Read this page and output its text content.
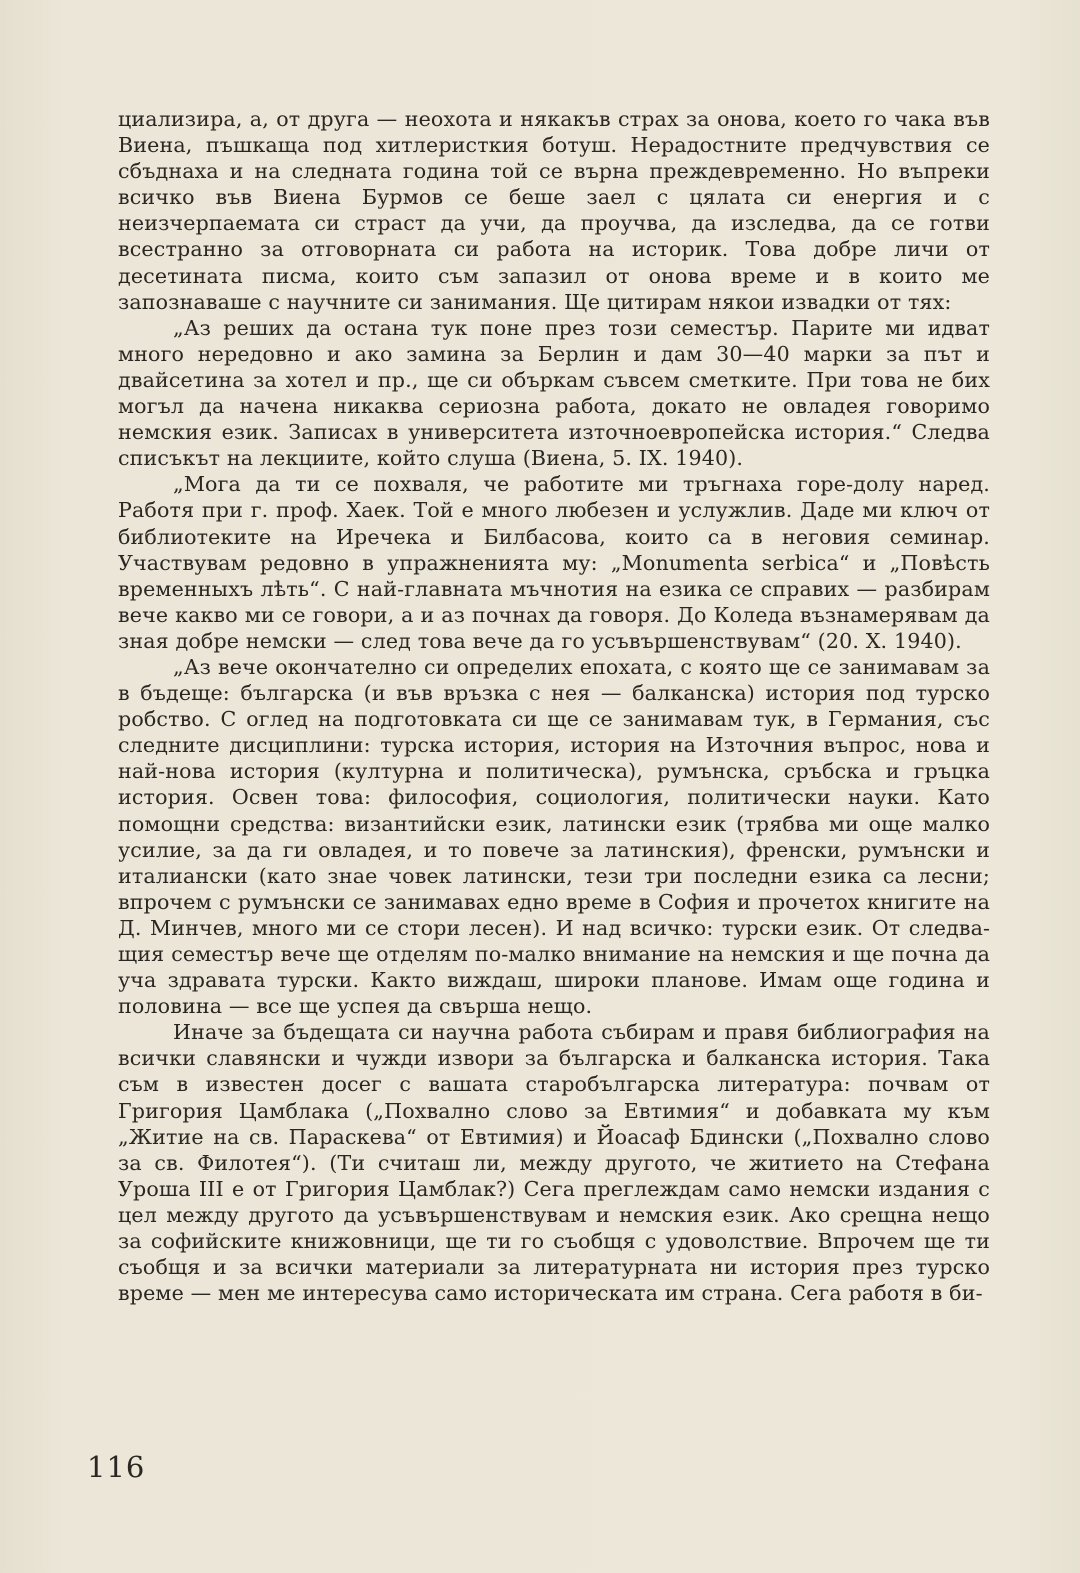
циализира, а, от друга — неохота и някакъв страх за онова, което го чака във Виена, пъшкаща под хитлеристкия ботуш. Нерадостните предчувствия се сбъднаха и на следната година той се върна преждевременно. Но въпреки всичко във Виена Бурмов се беше заел с цялата си енергия и с неизчерпаемата си страст да учи, да проучва, да изследва, да се готви всестранно за отговорната си работа на историк. Това добре личи от десетината писма, които съм запазил от онова време и в които ме запознаваше с научните си занимания. Ще цитирам някои извадки от тях:

„Аз реших да остана тук поне през този семестър. Парите ми идват много нередовно и ако замина за Берлин и дам 30—40 марки за път и двайсетина за хотел и пр., ще си объркам съвсем сметките. При това не бих могъл да начена никаква сериозна работа, докато не овладея говоримо немския език. Записах в университета източноевропейска история.“ Следва списъкът на лекциите, който слуша (Виена, 5. IX. 1940).

„Мога да ти се похваля, че работите ми тръгнаха горе-долу наред. Работя при г. проф. Хаек. Той е много любезен и услужлив. Даде ми ключ от библиотеките на Иречека и Билбасова, които са в неговия семинар. Участвувам редовно в упражненията му: „Monumenta serbica“ и „Повѣсть временныхъ лѣть“. С най-главната мъчнотия на езика се справих — разбирам вече какво ми се говори, а и аз почнах да говоря. До Коледа възнамерявам да зная добре немски — след това вече да го усъвършенствувам“ (20. X. 1940).

„Аз вече окончателно си определих епохата, с която ще се занимавам за в бъдеще: българска (и във връзка с нея — балканска) история под турско робство. С оглед на подготовката си ще се занимавам тук, в Германия, със следните дисциплини: турска история, история на Източния въпрос, нова и най-нова история (културна и политическа), румънска, сръбска и гръцка история. Освен това: философия, социология, политически науки. Като помощни средства: византийски език, латински език (трябва ми още малко усилие, за да ги овладея, и то повече за латинския), френски, румънски и италиански (като знае човек латински, тези три последни езика са лесни; впрочем с румънски се занимавах едно време в София и прочетох книгите на Д. Минчев, много ми се стори лесен). И над всичко: турски език. От следващия семестър вече ще отделям по-малко внимание на немския и ще почна да уча здравата турски. Както виждаш, широки планове. Имам още година и половина — все ще успея да свърша нещо.

Иначе за бъдещата си научна работа събирам и правя библиография на всички славянски и чужди извори за българска и балканска история. Така съм в известен досег с вашата старобългарска литература: почвам от Григория Цамблака („Похвално слово за Евтимия“ и добавката му към „Житие на св. Параскева“ от Евтимия) и Йоасаф Бдински („Похвално слово за св. Филотея“). (Ти считаш ли, между другото, че житието на Стефана Уроша III е от Григория Цамблак?) Сега преглеждам само немски издания с цел между другото да усъвършенствувам и немския език. Ако срещна нещо за софийските книжовници, ще ти го съобщя с удоволствие. Впрочем ще ти съобщя и за всички материали за литературната ни история през турско време — мен ме интересува само историческата им страна. Сега работя в би-

116
